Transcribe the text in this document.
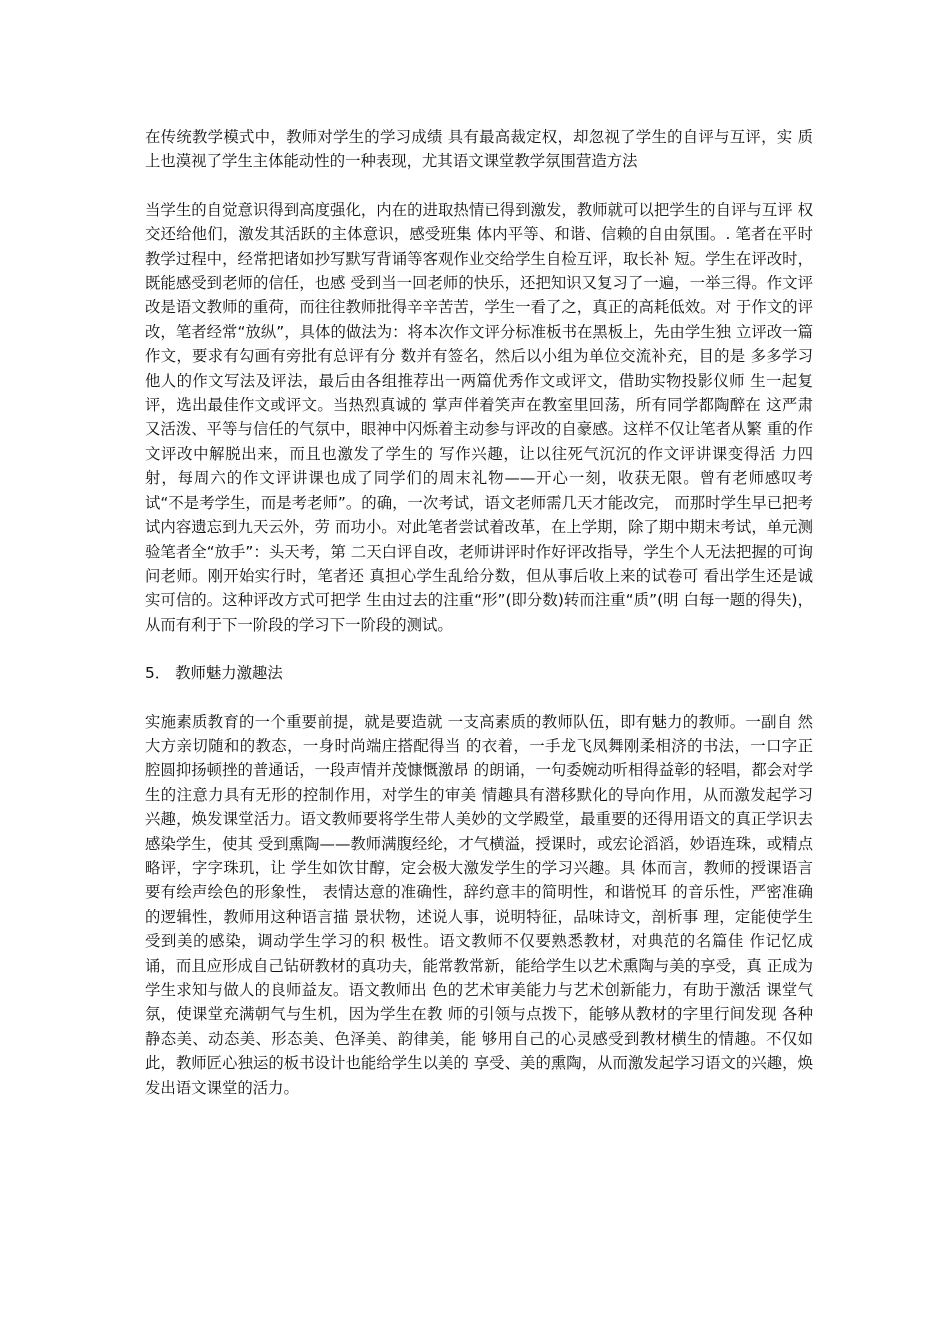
在传统教学模式中，教师对学生的学习成绩 具有最高裁定权，却忽视了学生的自评与互评，实 质上也漠视了学生主体能动性的一种表现，尤其语文课堂教学氛围营造方法

当学生的自觉意识得到高度强化，内在的进取热情已得到激发，教师就可以把学生的自评与互评 权交还给他们，激发其活跃的主体意识，感受班集 体内平等、和谐、信赖的自由氛围。. 笔者在平时教学过程中，经常把诸如抄写默写背诵等客观作业交给学生自检互评，取长补 短。学生在评改时，既能感受到老师的信任，也感 受到当一回老师的快乐，还把知识又复习了一遍，一举三得。作文评改是语文教师的重荷，而往往教师批得辛辛苦苦，学生一看了之，真正的高耗低效。对 于作文的评改，笔者经常“放纵”，具体的做法为：将本次作文评分标准板书在黑板上，先由学生独 立评改一篇作文，要求有勾画有旁批有总评有分 数并有签名，然后以小组为单位交流补充，目的是 多多学习他人的作文写法及评法，最后由各组推荐出一两篇优秀作文或评文，借助实物投影仪师 生一起复评，选出最佳作文或评文。当热烈真诚的 掌声伴着笑声在教室里回荡，所有同学都陶醉在 这严肃又活泼、平等与信任的气氛中，眼神中闪烁着主动参与评改的自豪感。这样不仅让笔者从繁 重的作文评改中解脱出来，而且也激发了学生的 写作兴趣，让以往死气沉沉的作文评讲课变得活 力四射，每周六的作文评讲课也成了同学们的周末礼物——开心一刻，收获无限。曾有老师感叹考试“不是考学生，而是考老师”。的确，一次考试，语文老师需几天才能改完， 而那时学生早已把考试内容遗忘到九天云外，劳 而功小。对此笔者尝试着改革，在上学期，除了期中期末考试，单元测验笔者全“放手”：头天考，第 二天白评自改，老师讲评时作好评改指导，学生个人无法把握的可询问老师。刚开始实行时，笔者还 真担心学生乱给分数，但从事后收上来的试卷可 看出学生还是诚实可信的。这种评改方式可把学 生由过去的注重“形”(即分数)转而注重“质”(明 白每一题的得失)，从而有利于下一阶段的学习下一阶段的测试。

5． 教师魅力激趣法

实施素质教育的一个重要前提，就是要造就 一支高素质的教师队伍，即有魅力的教师。一副自 然大方亲切随和的教态，一身时尚端庄搭配得当 的衣着，一手龙飞凤舞刚柔相济的书法，一口字正 腔圆抑扬顿挫的普通话，一段声情并茂慷慨激昂 的朗诵，一句委婉动听相得益彰的轻唱，都会对学 生的注意力具有无形的控制作用，对学生的审美 情趣具有潜移默化的导向作用，从而激发起学习 兴趣，焕发课堂活力。语文教师要将学生带人美妙的文学殿堂，最重要的还得用语文的真正学识去感染学生，使其 受到熏陶——教师满腹经纶，才气横溢，授课时，或宏论滔滔，妙语连珠，或精点略评，字字珠玑，让 学生如饮甘醇，定会极大激发学生的学习兴趣。具 体而言，教师的授课语言要有绘声绘色的形象性， 表情达意的准确性，辞约意丰的简明性，和谐悦耳 的音乐性，严密准确的逻辑性，教师用这种语言描 景状物，述说人事，说明特征，品味诗文，剖析事 理，定能使学生受到美的感染，调动学生学习的积 极性。语文教师不仅要熟悉教材，对典范的名篇佳 作记忆成诵，而且应形成自己钻研教材的真功夫，能常教常新，能给学生以艺术熏陶与美的享受，真 正成为学生求知与做人的良师益友。语文教师出 色的艺术审美能力与艺术创新能力，有助于激活 课堂气氛，使课堂充满朝气与生机，因为学生在教 师的引领与点拨下，能够从教材的字里行间发现 各种静态美、动态美、形态美、色泽美、韵律美，能 够用自己的心灵感受到教材横生的情趣。不仅如 此，教师匠心独运的板书设计也能给学生以美的 享受、美的熏陶，从而激发起学习语文的兴趣，焕 发出语文课堂的活力。
